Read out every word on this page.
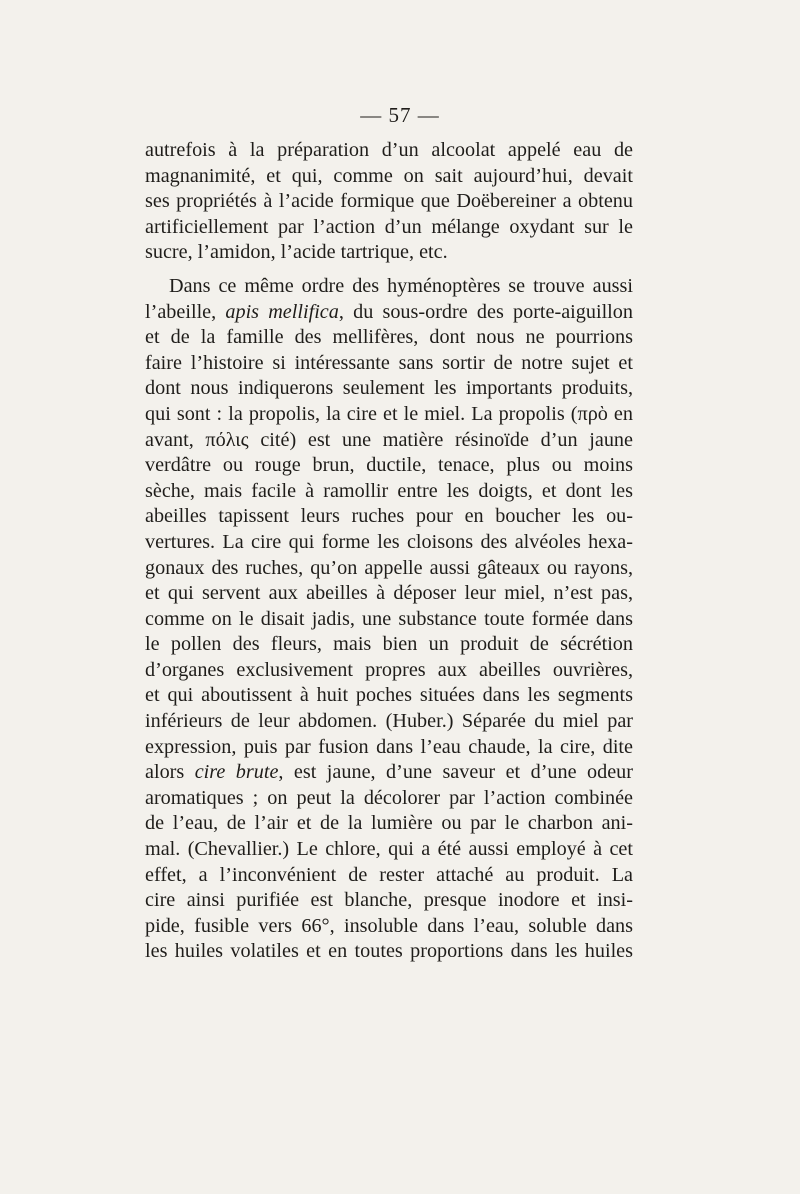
— 57 —
autrefois à la préparation d’un alcoolat appelé eau de
magnanimité, et qui, comme on sait aujourd’hui, devait
ses propriétés à l’acide formique que Doëbereiner a obtenu
artificiellement par l’action d’un mélange oxydant sur le
sucre, l’amidon, l’acide tartrique, etc.
Dans ce même ordre des hyménoptères se trouve aussi
l’abeille, apis mellifica, du sous-ordre des porte-aiguillon
et de la famille des mellifères, dont nous ne pourrions
faire l’histoire si intéressante sans sortir de notre sujet et
dont nous indiquerons seulement les importants produits,
qui sont : la propolis, la cire et le miel. La propolis (πρὸ en
avant, πόλις cité) est une matière résinoïde d’un jaune
verdâtre ou rouge brun, ductile, tenace, plus ou moins
sèche, mais facile à ramollir entre les doigts, et dont les
abeilles tapissent leurs ruches pour en boucher les ou-
vertures. La cire qui forme les cloisons des alvéoles hexa-
gonaux des ruches, qu’on appelle aussi gâteaux ou rayons,
et qui servent aux abeilles à déposer leur miel, n’est pas,
comme on le disait jadis, une substance toute formée dans
le pollen des fleurs, mais bien un produit de sécrétion
d’organes exclusivement propres aux abeilles ouvrières,
et qui aboutissent à huit poches situées dans les segments
inférieurs de leur abdomen. (Huber.) Séparée du miel par
expression, puis par fusion dans l’eau chaude, la cire, dite
alors cire brute, est jaune, d’une saveur et d’une odeur
aromatiques ; on peut la décolorer par l’action combinée
de l’eau, de l’air et de la lumière ou par le charbon ani-
mal. (Chevallier.) Le chlore, qui a été aussi employé à cet
effet, a l’inconvénient de rester attaché au produit. La
cire ainsi purifiée est blanche, presque inodore et insi-
pide, fusible vers 66°, insoluble dans l’eau, soluble dans
les huiles volatiles et en toutes proportions dans les huiles
